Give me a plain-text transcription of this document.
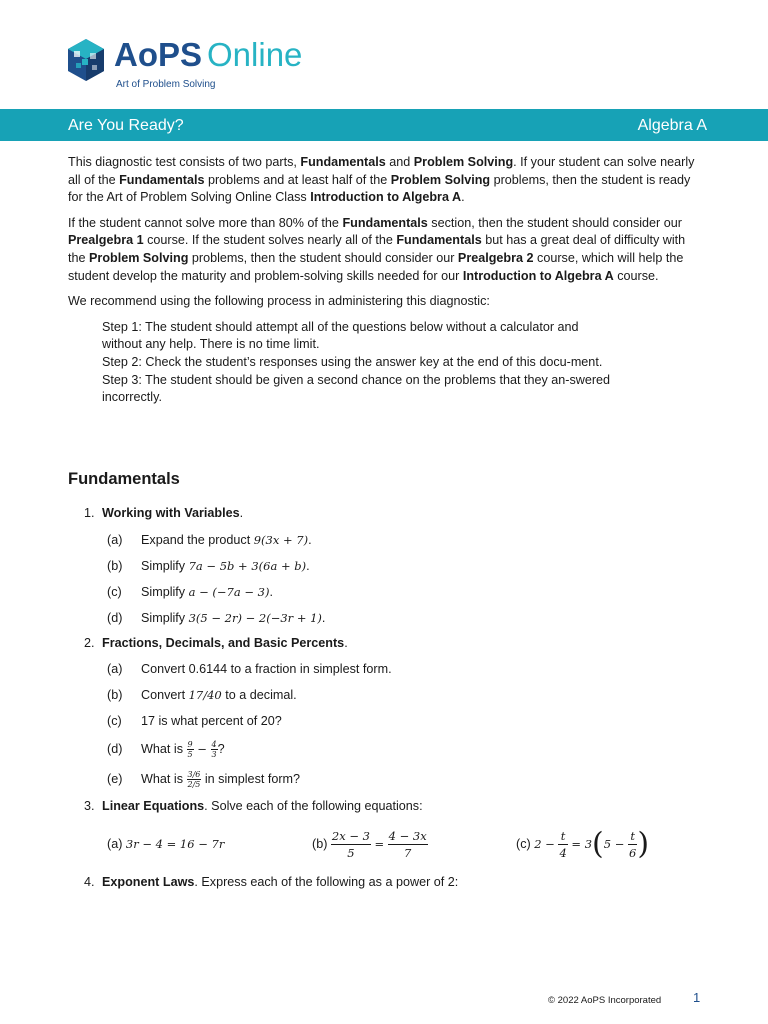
AoPS Online
Art of Problem Solving
Are You Ready?	Algebra A

This diagnostic test consists of two parts, Fundamentals and Problem Solving. If your student can solve nearly all of the Fundamentals problems and at least half of the Problem Solving problems, then the student is ready for the Art of Problem Solving Online Class Introduction to Algebra A.

If the student cannot solve more than 80% of the Fundamentals section, then the student should consider our Prealgebra 1 course. If the student solves nearly all of the Fundamentals but has a great deal of difficulty with the Problem Solving problems, then the student should consider our Prealgebra 2 course, which will help the student develop the maturity and problem-solving skills needed for our Introduction to Algebra A course.

We recommend using the following process in administering this diagnostic:

Step 1: The student should attempt all of the questions below without a calculator and without any help. There is no time limit.
Step 2: Check the student’s responses using the answer key at the end of this docu-ment.
Step 3: The student should be given a second chance on the problems that they an-swered incorrectly.
Fundamentals
1. Working with Variables.
(a) Expand the product 9(3x + 7).
(b) Simplify 7a − 5b + 3(6a + b).
(c) Simplify a − (−7a − 3).
(d) Simplify 3(5 − 2r) − 2(−3r + 1).
2. Fractions, Decimals, and Basic Percents.
(a) Convert 0.6144 to a fraction in simplest form.
(b) Convert 17/40 to a decimal.
(c) 17 is what percent of 20?
(d) What is $\frac{9}{5} - \frac{4}{3}$ ?
(e) What is $\frac{3/6}{2/5}$ in simplest form?
3. Linear Equations. Solve each of the following equations:
(a) 3r − 4 = 16 − 7r	$(b) \frac{2x - 3}{5} = \frac{4 - 3x}{7}$	(c) $2 - \frac{t}{4} = 3(5 - \frac{t}{6}$ )
4. Exponent Laws. Express each of the following as a power of 2:
© 2022 AoPS Incorporated 1
